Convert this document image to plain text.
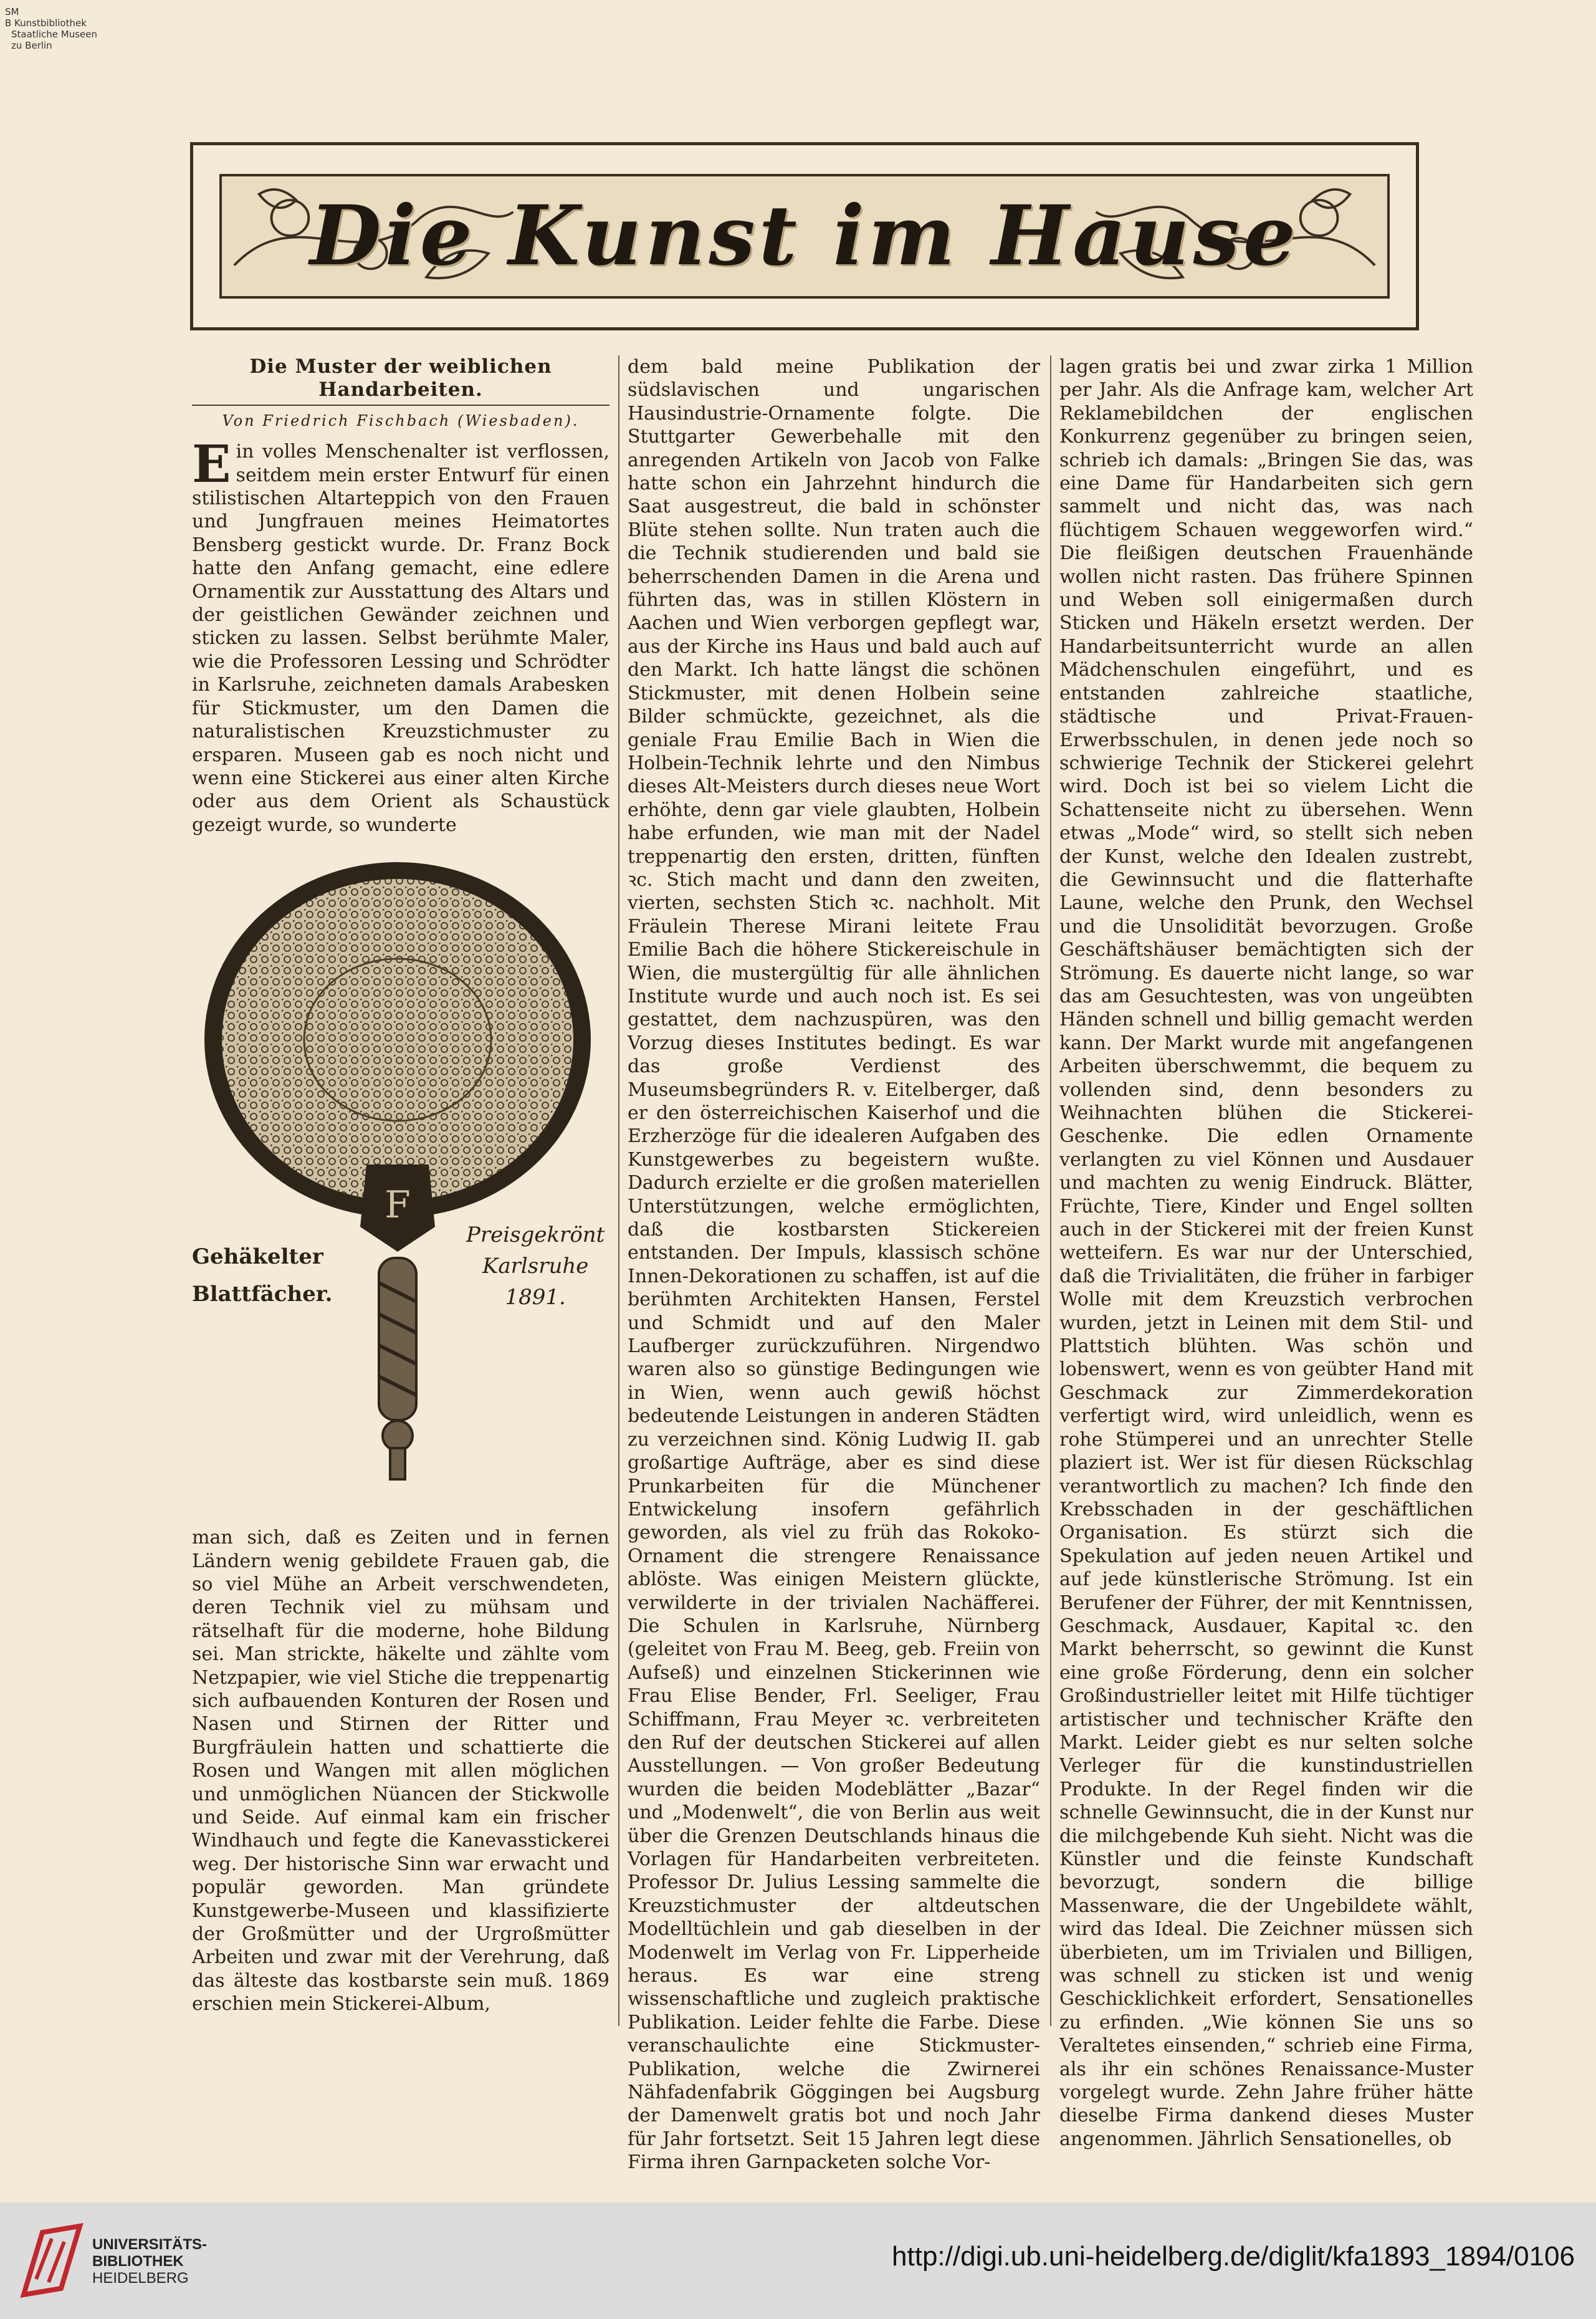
SM
B Kunstbibliothek
Staatliche Museen
zu Berlin
Die Kunst im Hause
Die Muster der weiblichen Handarbeiten.
Von Friedrich Fischbach (Wiesbaden).

Ein volles Menschenalter ist verflossen, seitdem mein erster Entwurf für einen stilistischen Altarteppich von den Frauen und Jungfrauen meines Heimatortes Bensberg gestickt wurde. Dr. Franz Bock hatte den Anfang gemacht, eine edlere Ornamentik zur Ausstattung des Altars und der geistlichen Gewänder zeichnen und sticken zu lassen. Selbst berühmte Maler, wie die Professoren Lessing und Schrödter in Karlsruhe, zeichneten damals Arabesken für Stickmuster, um den Damen die naturalistischen Kreuzstichmuster zu ersparen. Museen gab es noch nicht und wenn eine Stickerei aus einer alten Kirche oder aus dem Orient als Schaustück gezeigt wurde, so wunderte

F
Gehäkelter
Blattfächer.
Preisgekrönt
Karlsruhe
1891.

man sich, daß es Zeiten und in fernen Ländern wenig gebildete Frauen gab, die so viel Mühe an Arbeit verschwendeten, deren Technik viel zu mühsam und rätselhaft für die moderne, hohe Bildung sei. Man strickte, häkelte und zählte vom Netzpapier, wie viel Stiche die treppenartig sich aufbauenden Konturen der Rosen und Nasen und Stirnen der Ritter und Burgfräulein hatten und schattierte die Rosen und Wangen mit allen möglichen und unmöglichen Nüancen der Stickwolle und Seide. Auf einmal kam ein frischer Windhauch und fegte die Kanevasstickerei weg. Der historische Sinn war erwacht und populär geworden. Man gründete Kunstgewerbe-Museen und klassifizierte der Großmütter und der Urgroßmütter Arbeiten und zwar mit der Verehrung, daß das älteste das kostbarste sein muß. 1869 erschien mein Stickerei-Album,

dem bald meine Publikation der südslavischen und ungarischen Hausindustrie-Ornamente folgte. Die Stuttgarter Gewerbehalle mit den anregenden Artikeln von Jacob von Falke hatte schon ein Jahrzehnt hindurch die Saat ausgestreut, die bald in schönster Blüte stehen sollte. Nun traten auch die die Technik studierenden und bald sie beherrschenden Damen in die Arena und führten das, was in stillen Klöstern in Aachen und Wien verborgen gepflegt war, aus der Kirche ins Haus und bald auch auf den Markt. Ich hatte längst die schönen Stickmuster, mit denen Holbein seine Bilder schmückte, gezeichnet, als die geniale Frau Emilie Bach in Wien die Holbein-Technik lehrte und den Nimbus dieses Alt-Meisters durch dieses neue Wort erhöhte, denn gar viele glaubten, Holbein habe erfunden, wie man mit der Nadel treppenartig den ersten, dritten, fünften ꝛc. Stich macht und dann den zweiten, vierten, sechsten Stich ꝛc. nachholt. Mit Fräulein Therese Mirani leitete Frau Emilie Bach die höhere Stickereischule in Wien, die mustergültig für alle ähnlichen Institute wurde und auch noch ist. Es sei gestattet, dem nachzuspüren, was den Vorzug dieses Institutes bedingt. Es war das große Verdienst des Museumsbegründers R. v. Eitelberger, daß er den österreichischen Kaiserhof und die Erzherzöge für die idealeren Aufgaben des Kunstgewerbes zu begeistern wußte. Dadurch erzielte er die großen materiellen Unterstützungen, welche ermöglichten, daß die kostbarsten Stickereien entstanden. Der Impuls, klassisch schöne Innen-Dekorationen zu schaffen, ist auf die berühmten Architekten Hansen, Ferstel und Schmidt und auf den Maler Laufberger zurückzuführen. Nirgendwo waren also so günstige Bedingungen wie in Wien, wenn auch gewiß höchst bedeutende Leistungen in anderen Städten zu verzeichnen sind. König Ludwig II. gab großartige Aufträge, aber es sind diese Prunkarbeiten für die Münchener Entwickelung insofern gefährlich geworden, als viel zu früh das Rokoko-Ornament die strengere Renaissance ablöste. Was einigen Meistern glückte, verwilderte in der trivialen Nachäfferei. Die Schulen in Karlsruhe, Nürnberg (geleitet von Frau M. Beeg, geb. Freiin von Aufseß) und einzelnen Stickerinnen wie Frau Elise Bender, Frl. Seeliger, Frau Schiffmann, Frau Meyer ꝛc. verbreiteten den Ruf der deutschen Stickerei auf allen Ausstellungen. — Von großer Bedeutung wurden die beiden Modeblätter „Bazar“ und „Modenwelt“, die von Berlin aus weit über die Grenzen Deutschlands hinaus die Vorlagen für Handarbeiten verbreiteten. Professor Dr. Julius Lessing sammelte die Kreuzstichmuster der altdeutschen Modelltüchlein und gab dieselben in der Modenwelt im Verlag von Fr. Lipperheide heraus. Es war eine streng wissenschaftliche und zugleich praktische Publikation. Leider fehlte die Farbe. Diese veranschaulichte eine Stickmuster-Publikation, welche die Zwirnerei Nähfadenfabrik Göggingen bei Augsburg der Damenwelt gratis bot und noch Jahr für Jahr fortsetzt. Seit 15 Jahren legt diese Firma ihren Garnpacketen solche Vor-

lagen gratis bei und zwar zirka 1 Million per Jahr. Als die Anfrage kam, welcher Art Reklamebildchen der englischen Konkurrenz gegenüber zu bringen seien, schrieb ich damals: „Bringen Sie das, was eine Dame für Handarbeiten sich gern sammelt und nicht das, was nach flüchtigem Schauen weggeworfen wird.“ Die fleißigen deutschen Frauenhände wollen nicht rasten. Das frühere Spinnen und Weben soll einigermaßen durch Sticken und Häkeln ersetzt werden. Der Handarbeitsunterricht wurde an allen Mädchenschulen eingeführt, und es entstanden zahlreiche staatliche, städtische und Privat-Frauen-Erwerbsschulen, in denen jede noch so schwierige Technik der Stickerei gelehrt wird. Doch ist bei so vielem Licht die Schattenseite nicht zu übersehen. Wenn etwas „Mode“ wird, so stellt sich neben der Kunst, welche den Idealen zustrebt, die Gewinnsucht und die flatterhafte Laune, welche den Prunk, den Wechsel und die Unsolidität bevorzugen. Große Geschäftshäuser bemächtigten sich der Strömung. Es dauerte nicht lange, so war das am Gesuchtesten, was von ungeübten Händen schnell und billig gemacht werden kann. Der Markt wurde mit angefangenen Arbeiten überschwemmt, die bequem zu vollenden sind, denn besonders zu Weihnachten blühen die Stickerei-Geschenke. Die edlen Ornamente verlangten zu viel Können und Ausdauer und machten zu wenig Eindruck. Blätter, Früchte, Tiere, Kinder und Engel sollten auch in der Stickerei mit der freien Kunst wetteifern. Es war nur der Unterschied, daß die Trivialitäten, die früher in farbiger Wolle mit dem Kreuzstich verbrochen wurden, jetzt in Leinen mit dem Stil- und Plattstich blühten. Was schön und lobenswert, wenn es von geübter Hand mit Geschmack zur Zimmerdekoration verfertigt wird, wird unleidlich, wenn es rohe Stümperei und an unrechter Stelle plaziert ist. Wer ist für diesen Rückschlag verantwortlich zu machen? Ich finde den Krebsschaden in der geschäftlichen Organisation. Es stürzt sich die Spekulation auf jeden neuen Artikel und auf jede künstlerische Strömung. Ist ein Berufener der Führer, der mit Kenntnissen, Geschmack, Ausdauer, Kapital ꝛc. den Markt beherrscht, so gewinnt die Kunst eine große Förderung, denn ein solcher Großindustrieller leitet mit Hilfe tüchtiger artistischer und technischer Kräfte den Markt. Leider giebt es nur selten solche Verleger für die kunstindustriellen Produkte. In der Regel finden wir die schnelle Gewinnsucht, die in der Kunst nur die milchgebende Kuh sieht. Nicht was die Künstler und die feinste Kundschaft bevorzugt, sondern die billige Massenware, die der Ungebildete wählt, wird das Ideal. Die Zeichner müssen sich überbieten, um im Trivialen und Billigen, was schnell zu sticken ist und wenig Geschicklichkeit erfordert, Sensationelles zu erfinden. „Wie können Sie uns so Veraltetes einsenden,“ schrieb eine Firma, als ihr ein schönes Renaissance-Muster vorgelegt wurde. Zehn Jahre früher hätte dieselbe Firma dankend dieses Muster angenommen. Jährlich Sensationelles, ob

UNIVERSITÄTS-
BIBLIOTHEK
HEIDELBERG
http://digi.ub.uni-heidelberg.de/diglit/kfa1893_1894/0106
